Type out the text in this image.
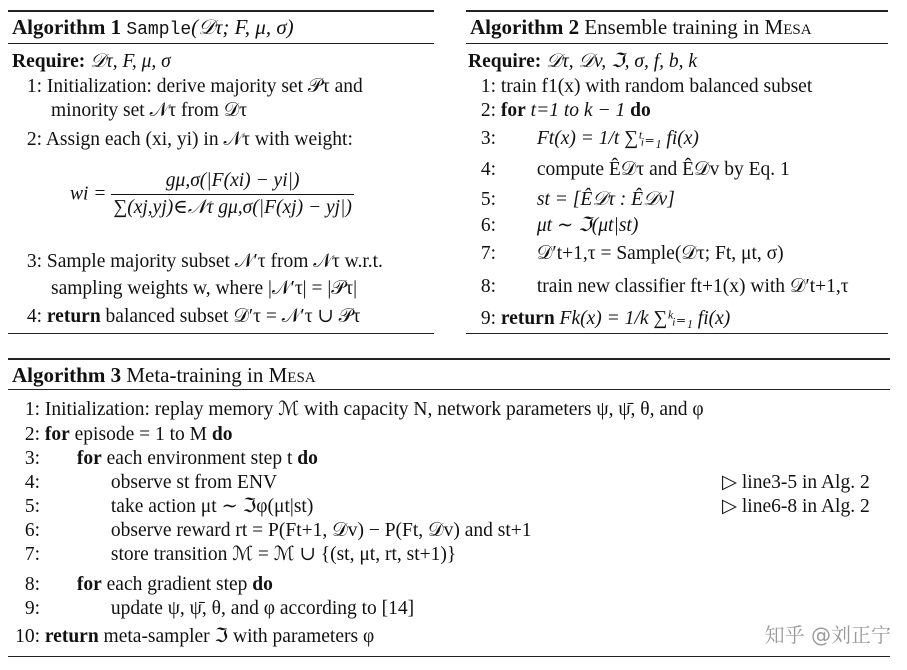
Algorithm 1 Sample(𝒟τ; F, μ, σ)
Require: 𝒟τ, F, μ, σ
1: Initialization: derive majority set 𝒫τ and
minority set 𝒩τ from 𝒟τ
2: Assign each (xi, yi) in 𝒩τ with weight:
wi = $\frac{g\mu,\sigma(|F(xi) - yi|)}{\text{∑(xj,yj)∈𝒩τ gμ,σ(|F(xj) − yj|)}}$
3: Sample majority subset 𝒩′τ from 𝒩τ w.r.t.
sampling weights w, where |𝒩′τ| = |𝒫τ|
4: return balanced subset 𝒟′τ = 𝒩′τ ∪ 𝒫τ
Algorithm 2 Ensemble training in Mesa
Require: 𝒟τ, 𝒟v, ℑ, σ, f, b, k
1: train f1(x) with random balanced subset
2: for t=1 to k − 1 do
3: Ft(x) = 1/t ∑ᵗᵢ₌₁ fi(x)
4: compute Ê𝒟τ and Ê𝒟v by Eq. 1
5: st = [Ê𝒟τ : Ê𝒟v]
6: μt ∼ ℑ(μt|st)
7: 𝒟′t+1,τ = Sample(𝒟τ; Ft, μt, σ)
8: train new classifier ft+1(x) with 𝒟′t+1,τ
9: return Fk(x) = 1/k ∑ᵏᵢ₌₁ fi(x)
Algorithm 3 Meta-training in Mesa
1: Initialization: replay memory ℳ with capacity N, network parameters ψ, ψ̄, θ, and φ
2: for episode = 1 to M do
3: for each environment step t do
4:	observe st from ENV	▷ line3-5 in Alg. 2
5:	take action μt ∼ ℑφ(μt|st)	▷ line6-8 in Alg. 2
6:	observe reward rt = P(Ft+1, 𝒟v) − P(Ft, 𝒟v) and st+1
7:	store transition ℳ = ℳ ∪ {(st, μt, rt, st+1)}
8: for each gradient step do
9:	update ψ, ψ̄, θ, and φ according to [14]
10: return meta-sampler ℑ with parameters φ	知乎 @刘正宁
